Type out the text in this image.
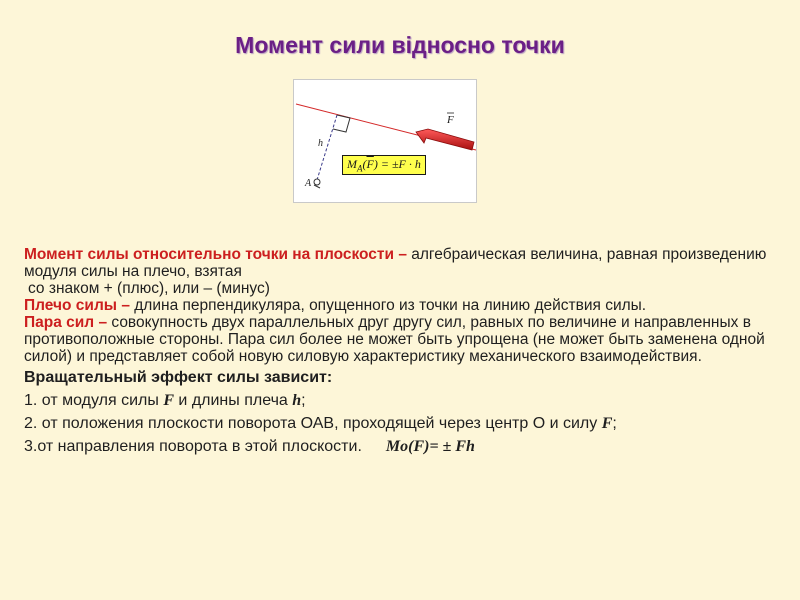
Момент сили відносно точки
F
h
A
$M_A(\overline{F}) = \pm F \cdot h$

Момент силы относительно точки на плоскости – алгебраическая величина, равная произведению модуля силы на плечо, взятая

со знаком + (плюс), или – (минус)

Плечо силы – длина перпендикуляра, опущенного из точки на линию действия силы.

Пара сил – совокупность двух параллельных друг другу сил, равных по величине и направленных в противоположные стороны. Пара сил более не может быть упрощена (не может быть заменена одной силой) и представляет собой новую силовую характеристику механического взаимодействия.

Вращательный эффект силы зависит:

1. от модуля силы F и длины плеча h;

2. от положения плоскости поворота ОАВ, проходящей через центр О и силу F;

3.от направления поворота в этой плоскости. Mo(F)= ± Fh
